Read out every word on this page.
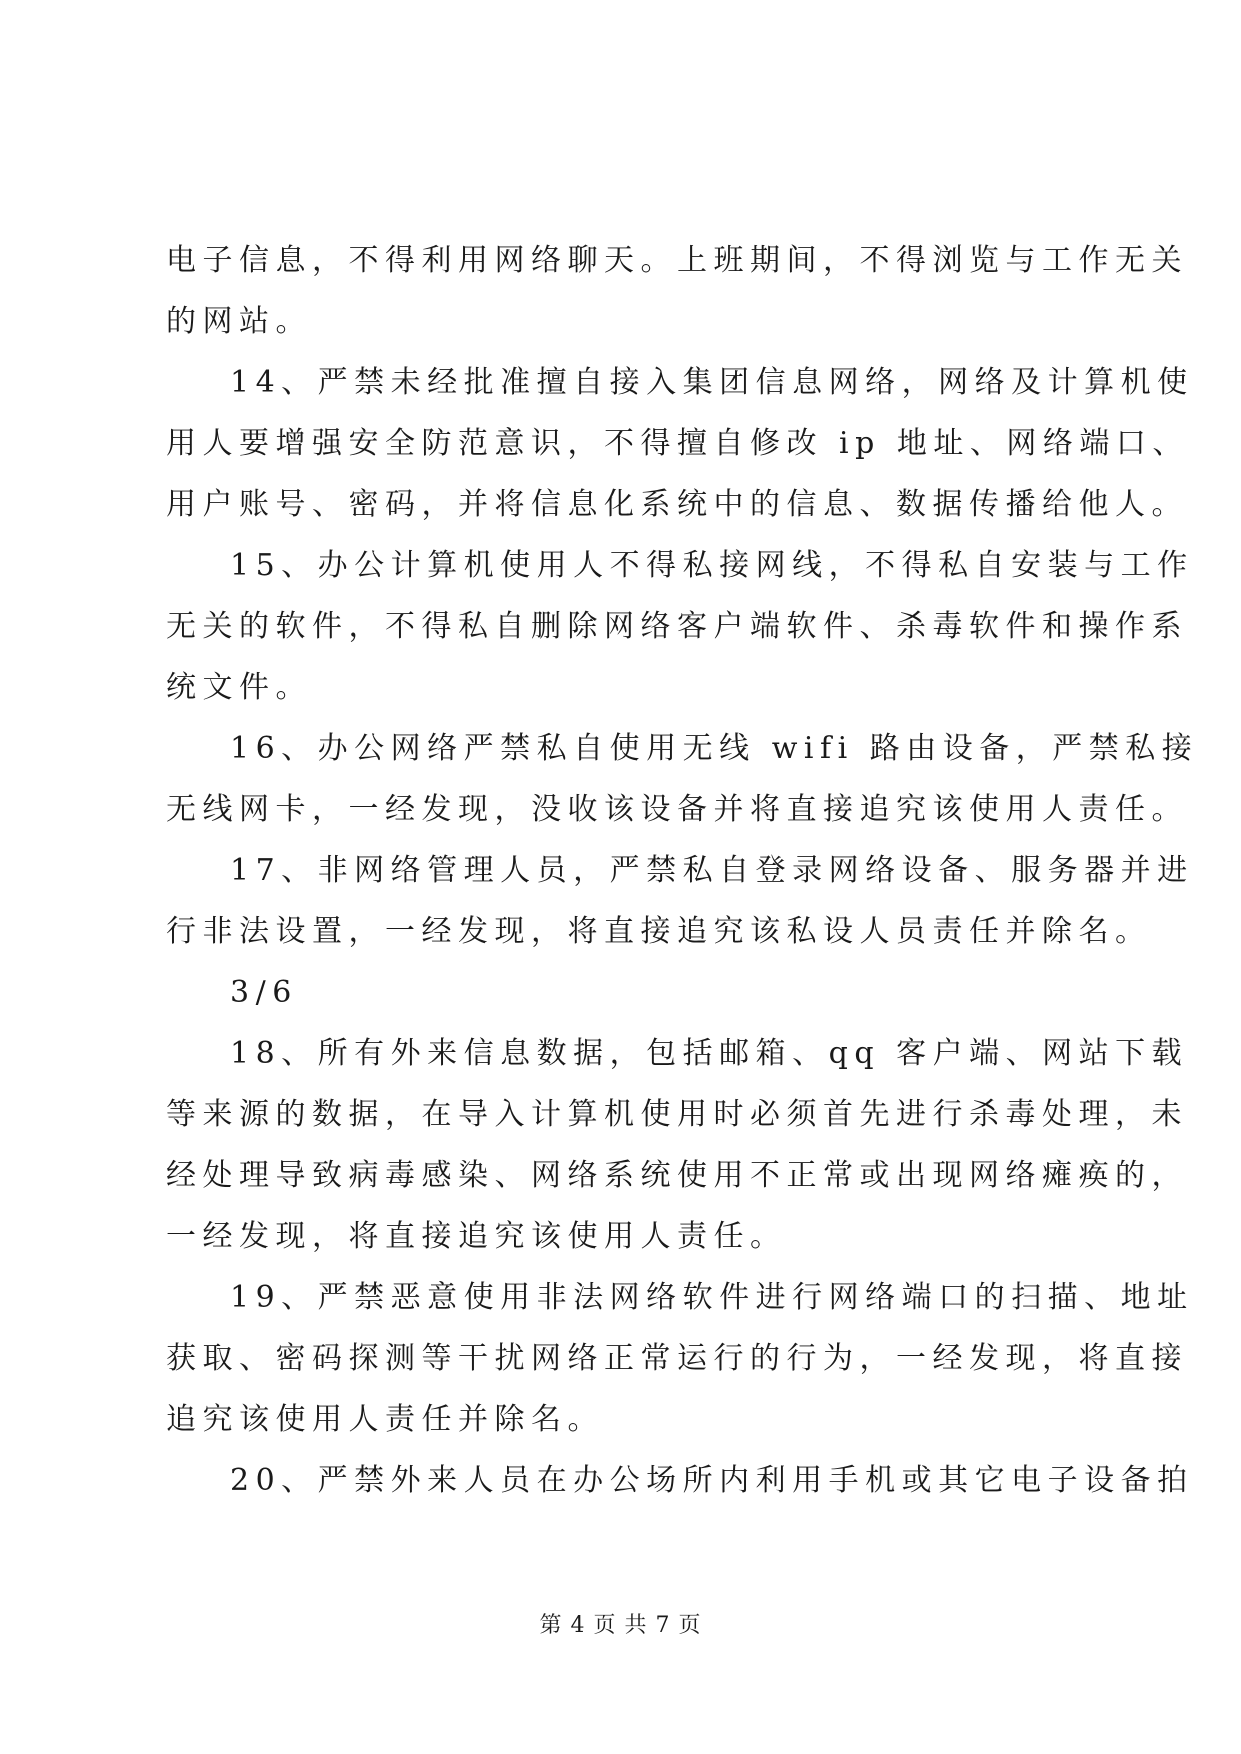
电子信息，不得利用网络聊天。上班期间，不得浏览与工作无关
的网站。
14、严禁未经批准擅自接入集团信息网络，网络及计算机使
用人要增强安全防范意识，不得擅自修改 ip 地址、网络端口、
用户账号、密码，并将信息化系统中的信息、数据传播给他人。
15、办公计算机使用人不得私接网线，不得私自安装与工作
无关的软件，不得私自删除网络客户端软件、杀毒软件和操作系
统文件。
16、办公网络严禁私自使用无线 wifi 路由设备，严禁私接
无线网卡，一经发现，没收该设备并将直接追究该使用人责任。
17、非网络管理人员，严禁私自登录网络设备、服务器并进
行非法设置，一经发现，将直接追究该私设人员责任并除名。
3/6
18、所有外来信息数据，包括邮箱、qq 客户端、网站下载
等来源的数据，在导入计算机使用时必须首先进行杀毒处理，未
经处理导致病毒感染、网络系统使用不正常或出现网络瘫痪的，
一经发现，将直接追究该使用人责任。
19、严禁恶意使用非法网络软件进行网络端口的扫描、地址
获取、密码探测等干扰网络正常运行的行为，一经发现，将直接
追究该使用人责任并除名。
20、严禁外来人员在办公场所内利用手机或其它电子设备拍
第 4 页 共 7 页
